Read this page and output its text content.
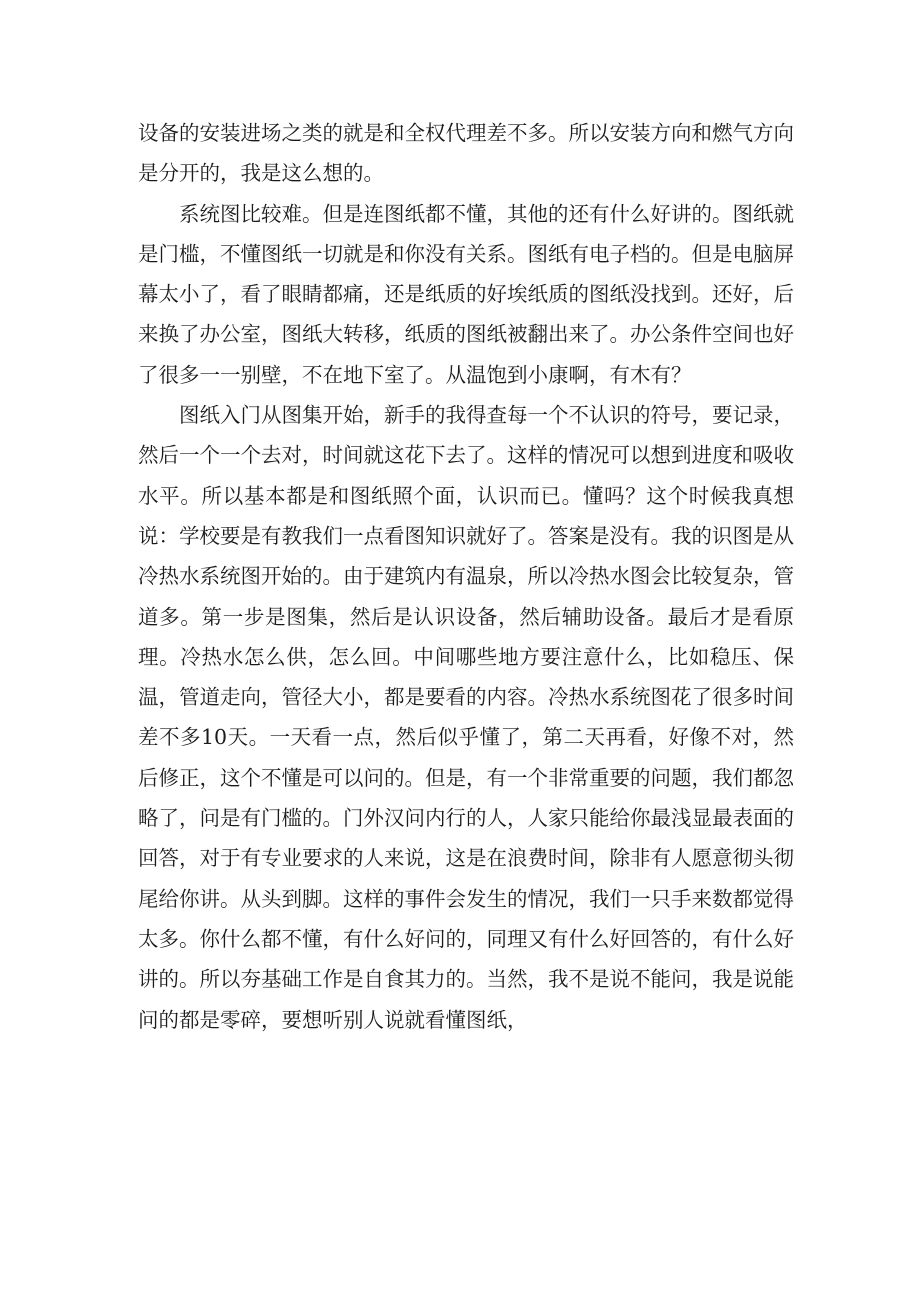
设备的安装进场之类的就是和全权代理差不多。所以安装方向和燃气方向是分开的，我是这么想的。

系统图比较难。但是连图纸都不懂，其他的还有什么好讲的。图纸就是门槛，不懂图纸一切就是和你没有关系。图纸有电子档的。但是电脑屏幕太小了，看了眼睛都痛，还是纸质的好埃纸质的图纸没找到。还好，后来换了办公室，图纸大转移，纸质的图纸被翻出来了。办公条件空间也好了很多一一别壁，不在地下室了。从温饱到小康啊，有木有？

图纸入门从图集开始，新手的我得查每一个不认识的符号，要记录，然后一个一个去对，时间就这花下去了。这样的情况可以想到进度和吸收水平。所以基本都是和图纸照个面，认识而已。懂吗？这个时候我真想说：学校要是有教我们一点看图知识就好了。答案是没有。我的识图是从冷热水系统图开始的。由于建筑内有温泉，所以冷热水图会比较复杂，管道多。第一步是图集，然后是认识设备，然后辅助设备。最后才是看原理。冷热水怎么供，怎么回。中间哪些地方要注意什么，比如稳压、保温，管道走向，管径大小，都是要看的内容。冷热水系统图花了很多时间差不多10天。一天看一点，然后似乎懂了，第二天再看，好像不对，然后修正，这个不懂是可以问的。但是，有一个非常重要的问题，我们都忽略了，问是有门槛的。门外汉问内行的人，人家只能给你最浅显最表面的回答，对于有专业要求的人来说，这是在浪费时间，除非有人愿意彻头彻尾给你讲。从头到脚。这样的事件会发生的情况，我们一只手来数都觉得太多。你什么都不懂，有什么好问的，同理又有什么好回答的，有什么好讲的。所以夯基础工作是自食其力的。当然，我不是说不能问，我是说能问的都是零碎，要想听别人说就看懂图纸，
